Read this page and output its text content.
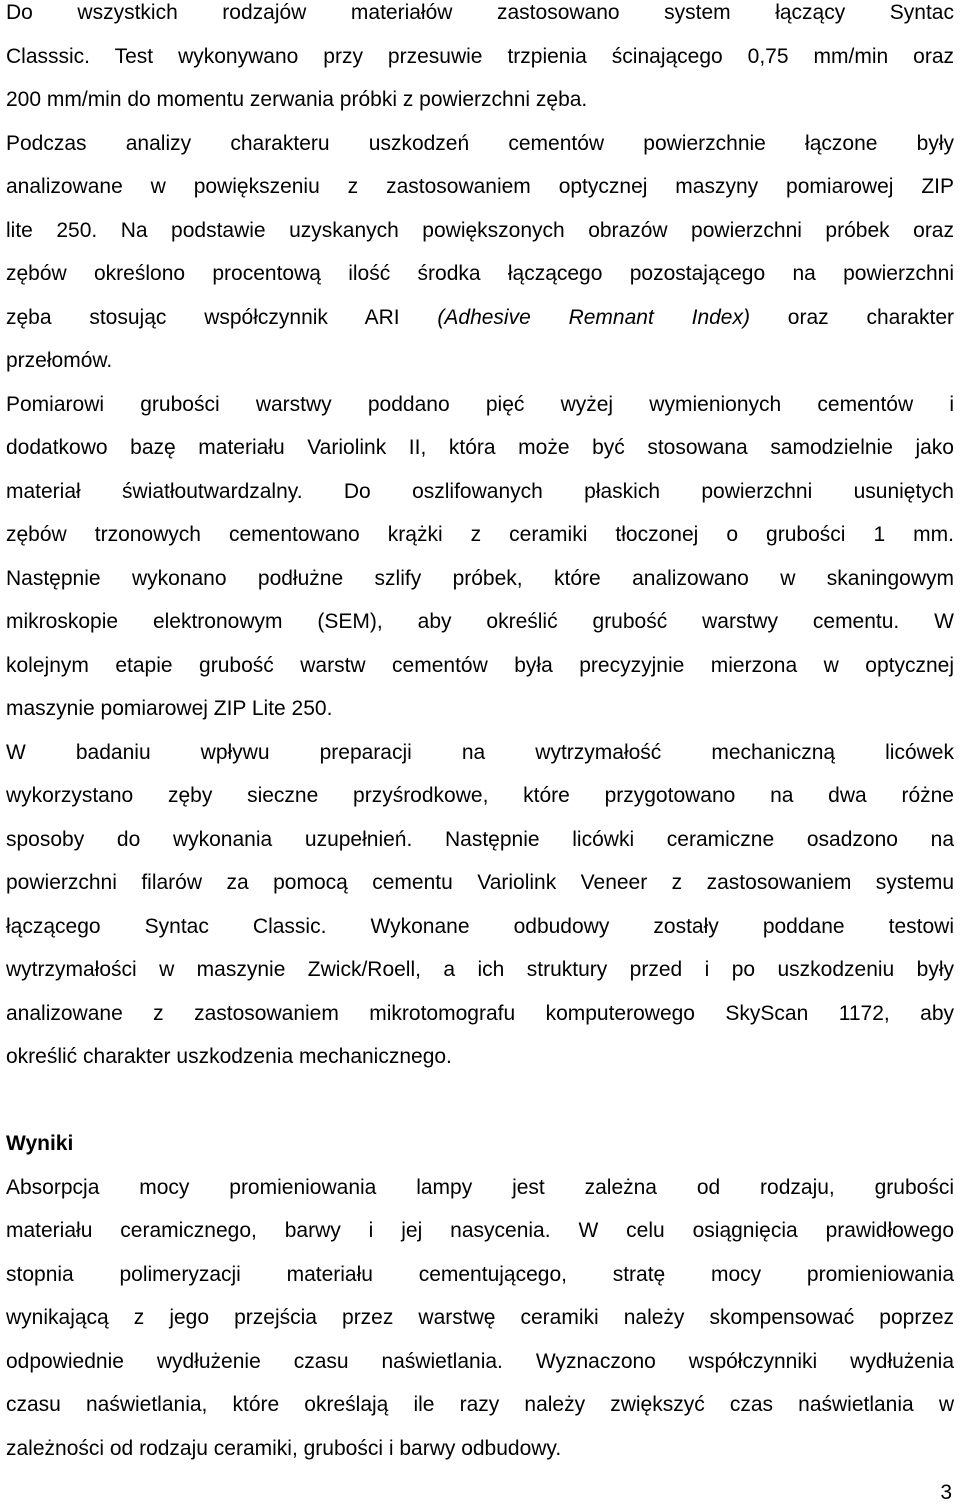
Do wszystkich rodzajów materiałów zastosowano system łączący Syntac
Classsic. Test wykonywano przy przesuwie trzpienia ścinającego 0,75 mm/min oraz
200 mm/min do momentu zerwania próbki z powierzchni zęba.
Podczas analizy charakteru uszkodzeń cementów powierzchnie łączone były
analizowane w powiększeniu z zastosowaniem optycznej maszyny pomiarowej ZIP
lite 250. Na podstawie uzyskanych powiększonych obrazów powierzchni próbek oraz
zębów określono procentową ilość środka łączącego pozostającego na powierzchni
zęba stosując współczynnik ARI (Adhesive Remnant Index) oraz charakter
przełomów.
Pomiarowi grubości warstwy poddano pięć wyżej wymienionych cementów i
dodatkowo bazę materiału Variolink II, która może być stosowana samodzielnie jako
materiał światłoutwardzalny. Do oszlifowanych płaskich powierzchni usuniętych
zębów trzonowych cementowano krążki z ceramiki tłoczonej o grubości 1 mm.
Następnie wykonano podłużne szlify próbek, które analizowano w skaningowym
mikroskopie elektronowym (SEM), aby określić grubość warstwy cementu. W
kolejnym etapie grubość warstw cementów była precyzyjnie mierzona w optycznej
maszynie pomiarowej ZIP Lite 250.
W badaniu wpływu preparacji na wytrzymałość mechaniczną licówek
wykorzystano zęby sieczne przyśrodkowe, które przygotowano na dwa różne
sposoby do wykonania uzupełnień. Następnie licówki ceramiczne osadzono na
powierzchni filarów za pomocą cementu Variolink Veneer z zastosowaniem systemu
łączącego Syntac Classic. Wykonane odbudowy zostały poddane testowi
wytrzymałości w maszynie Zwick/Roell, a ich struktury przed i po uszkodzeniu były
analizowane z zastosowaniem mikrotomografu komputerowego SkyScan 1172, aby
określić charakter uszkodzenia mechanicznego.
Wyniki
Absorpcja mocy promieniowania lampy jest zależna od rodzaju, grubości
materiału ceramicznego, barwy i jej nasycenia. W celu osiągnięcia prawidłowego
stopnia polimeryzacji materiału cementującego, stratę mocy promieniowania
wynikającą z jego przejścia przez warstwę ceramiki należy skompensować poprzez
odpowiednie wydłużenie czasu naświetlania. Wyznaczono współczynniki wydłużenia
czasu naświetlania, które określają ile razy należy zwiększyć czas naświetlania w
zależności od rodzaju ceramiki, grubości i barwy odbudowy.
3
